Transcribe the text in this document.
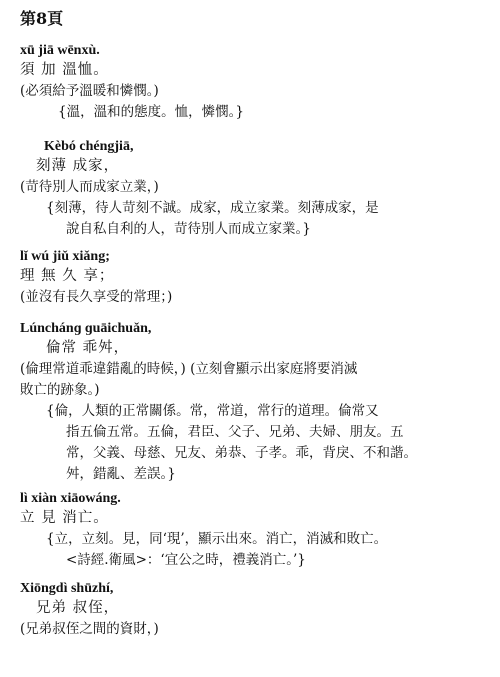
第8頁
xū jiā wēnxù.
須 加 溫恤。
(必須給予溫暖和憐憫。)
{溫，溫和的態度。恤，憐憫。}
Kèbó chéngjiā,
刻薄 成家，
(苛待別人而成家立業，)
{刻薄，待人苛刻不誠。成家，成立家業。刻薄成家，是
說自私自利的人，苛待別人而成立家業。}
lǐ wú jiǔ xiǎng;
理 無 久 享；
(並沒有長久享受的常理；)
Lúnchánɡ ɡuāichuǎn,
倫常 乖舛，
(倫理常道乖違錯亂的時候，) (立刻會顯示出家庭將要消滅
敗亡的跡象。)
{倫，人類的正常關係。常，常道，常行的道理。倫常又
指五倫五常。五倫，君臣、父子、兄弟、夫婦、朋友。五
常，父義、母慈、兄友、弟恭、子孝。乖，背戾、不和諧。
舛，錯亂、差誤。}
lì xiàn xiāowáng.
立 見 消亡。
{立，立刻。見，同‘現’，顯示出來。消亡，消滅和敗亡。
<詩經.衛風>：‘宜公之時，禮義消亡。’}
Xiōngdì shūzhí,
兄弟 叔侄，
(兄弟叔侄之間的資財，)
